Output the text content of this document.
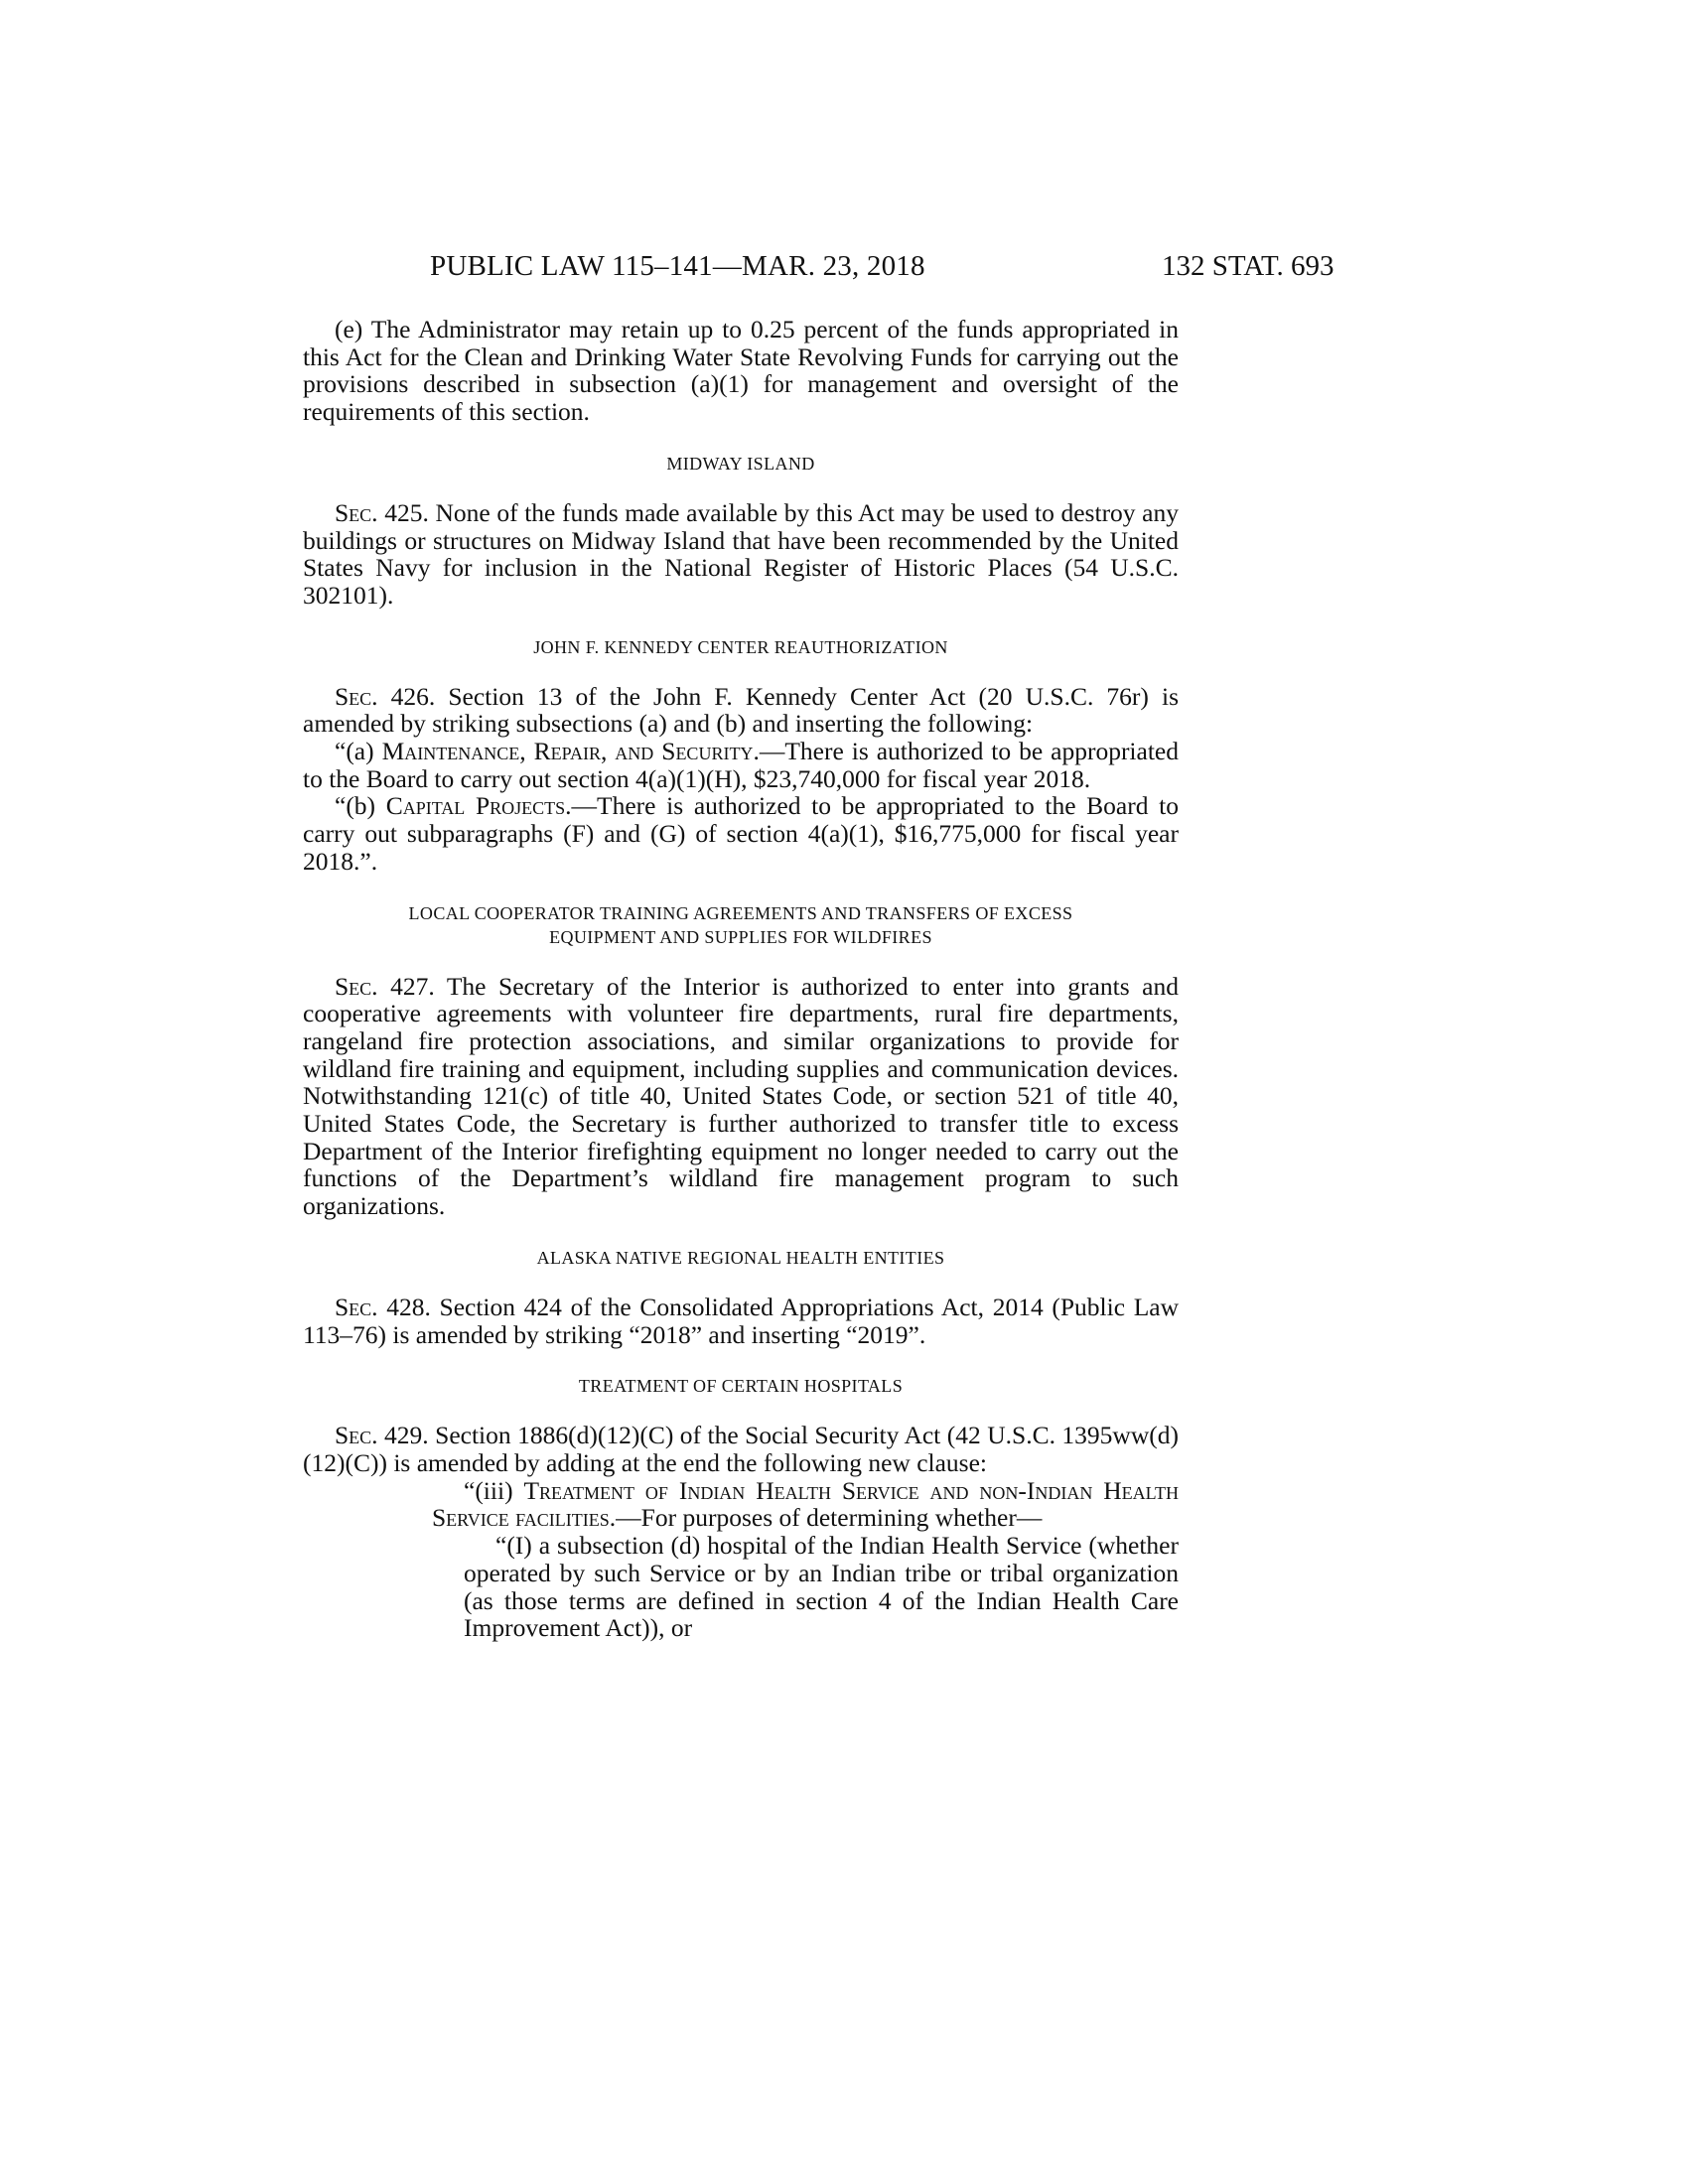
PUBLIC LAW 115–141—MAR. 23, 2018	132 STAT. 693

(e) The Administrator may retain up to 0.25 percent of the funds appropriated in this Act for the Clean and Drinking Water State Revolving Funds for carrying out the provisions described in subsection (a)(1) for management and oversight of the requirements of this section.

MIDWAY ISLAND

Sec. 425. None of the funds made available by this Act may be used to destroy any buildings or structures on Midway Island that have been recommended by the United States Navy for inclusion in the National Register of Historic Places (54 U.S.C. 302101).

JOHN F. KENNEDY CENTER REAUTHORIZATION

Sec. 426. Section 13 of the John F. Kennedy Center Act (20 U.S.C. 76r) is amended by striking subsections (a) and (b) and inserting the following:

“(a) Maintenance, Repair, and Security.—There is authorized to be appropriated to the Board to carry out section 4(a)(1)(H), $23,740,000 for fiscal year 2018.

“(b) Capital Projects.—There is authorized to be appropriated to the Board to carry out subparagraphs (F) and (G) of section 4(a)(1), $16,775,000 for fiscal year 2018.”.

LOCAL COOPERATOR TRAINING AGREEMENTS AND TRANSFERS OF EXCESS EQUIPMENT AND SUPPLIES FOR WILDFIRES

Sec. 427. The Secretary of the Interior is authorized to enter into grants and cooperative agreements with volunteer fire departments, rural fire departments, rangeland fire protection associations, and similar organizations to provide for wildland fire training and equipment, including supplies and communication devices. Notwithstanding 121(c) of title 40, United States Code, or section 521 of title 40, United States Code, the Secretary is further authorized to transfer title to excess Department of the Interior firefighting equipment no longer needed to carry out the functions of the Department’s wildland fire management program to such organizations.

ALASKA NATIVE REGIONAL HEALTH ENTITIES

Sec. 428. Section 424 of the Consolidated Appropriations Act, 2014 (Public Law 113–76) is amended by striking “2018” and inserting “2019”.

TREATMENT OF CERTAIN HOSPITALS

Sec. 429. Section 1886(d)(12)(C) of the Social Security Act (42 U.S.C. 1395ww(d)(12)(C)) is amended by adding at the end the following new clause:

“(iii) Treatment of Indian Health Service and non-Indian Health Service facilities.—For purposes of determining whether—

“(I) a subsection (d) hospital of the Indian Health Service (whether operated by such Service or by an Indian tribe or tribal organization (as those terms are defined in section 4 of the Indian Health Care Improvement Act)), or
